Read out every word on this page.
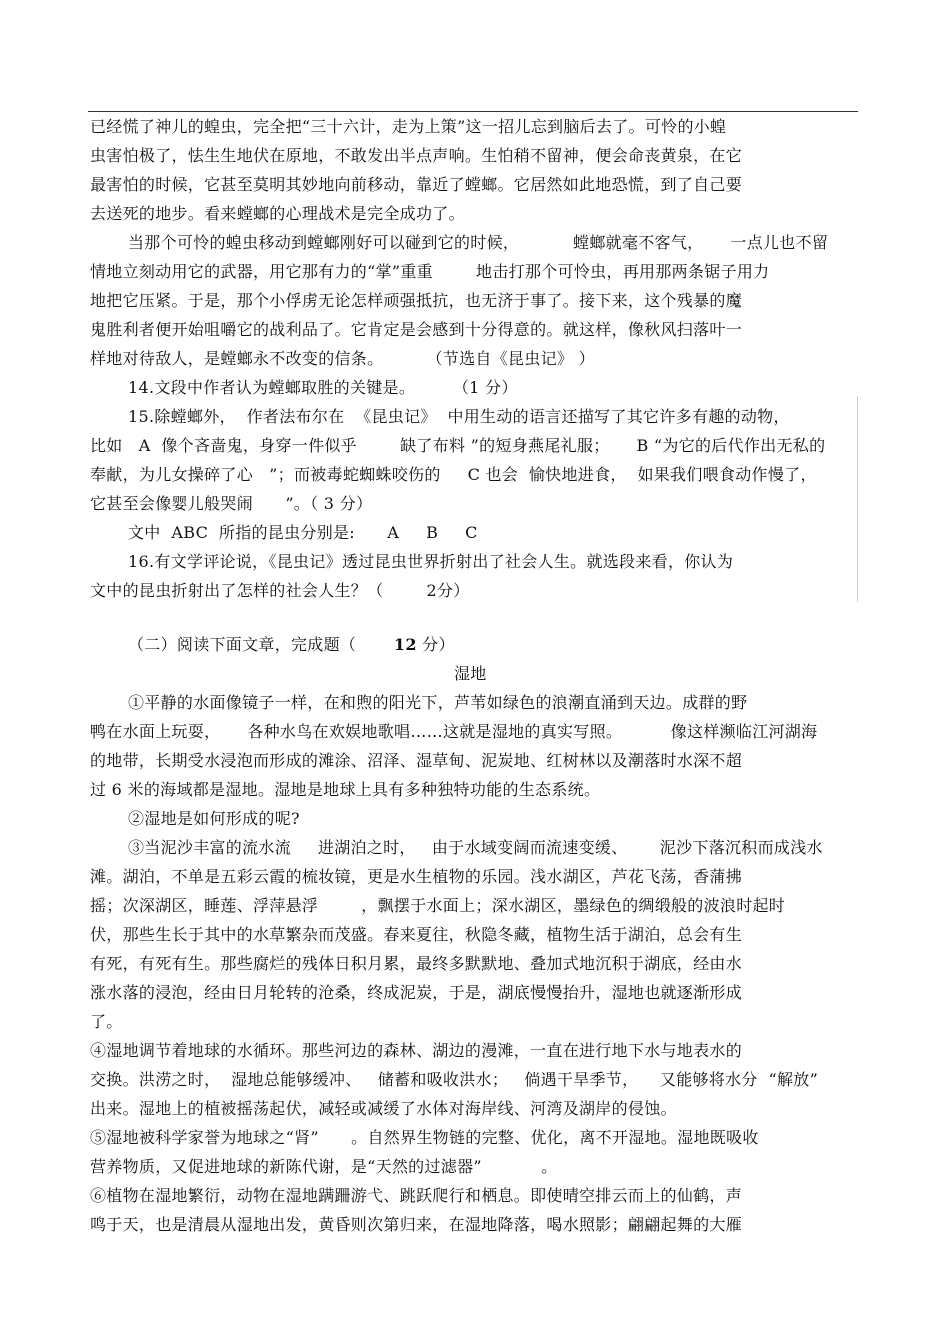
已经慌了神儿的蝗虫，完全把“三十六计，走为上策”这一招儿忘到脑后去了。可怜的小蝗
虫害怕极了，怯生生地伏在原地，不敢发出半点声响。生怕稍不留神，便会命丧黄泉，在它
最害怕的时候，它甚至莫明其妙地向前移动，靠近了螳螂。它居然如此地恐慌，到了自己要
去送死的地步。看来螳螂的心理战术是完全成功了。
当那个可怜的蝗虫移动到螳螂刚好可以碰到它的时候，          螳螂就毫不客气，     一点儿也不留
情地立刻动用它的武器，用它那有力的“掌”重重        地击打那个可怜虫，再用那两条锯子用力
地把它压紧。于是，那个小俘虏无论怎样顽强抵抗，也无济于事了。接下来，这个残暴的魔
鬼胜利者便开始咀嚼它的战利品了。它肯定是会感到十分得意的。就这样，像秋风扫落叶一
样地对待敌人，是螳螂永不改变的信条。        （节选自《昆虫记》 ）
14.文段中作者认为螳螂取胜的关键是。       （1 分）
15.除螳螂外，  作者法布尔在  《昆虫记》  中用生动的语言还描写了其它许多有趣的动物，
比如   A  像个吝啬鬼，身穿一件似乎        缺了布料 ”的短身燕尾礼服；     B “为它的后代作出无私的
奉献，为儿女操碎了心   ”；而被毒蛇蜘蛛咬伤的     C 也会  愉快地进食，  如果我们喂食动作慢了，
它甚至会像婴儿般哭闹      ”。（ 3 分）
文中  ABC  所指的昆虫分别是:      A     B     C
16.有文学评论说，《昆虫记》透过昆虫世界折射出了社会人生。就选段来看，你认为
文中的昆虫折射出了怎样的社会人生？（        2分）
（二）阅读下面文章，完成题（       12 分）
湿地
①平静的水面像镜子一样，在和煦的阳光下，芦苇如绿色的浪潮直涌到天边。成群的野
鸭在水面上玩耍，     各种水鸟在欢娱地歌唱……这就是湿地的真实写照。         像这样濒临江河湖海
的地带，长期受水浸泡而形成的滩涂、沼泽、湿草甸、泥炭地、红树林以及潮落时水深不超
过 6 米的海域都是湿地。湿地是地球上具有多种独特功能的生态系统。
②湿地是如何形成的呢?
③当泥沙丰富的流水流     进湖泊之时，   由于水域变阔而流速变缓、      泥沙下落沉积而成浅水
滩。湖泊，不单是五彩云霞的梳妆镜，更是水生植物的乐园。浅水湖区，芦花飞荡，香蒲拂
摇；次深湖区，睡莲、浮萍悬浮        ，飘摆于水面上；深水湖区，墨绿色的绸缎般的波浪时起时
伏，那些生长于其中的水草繁杂而茂盛。春来夏往，秋隐冬藏，植物生活于湖泊，总会有生
有死，有死有生。那些腐烂的残体日积月累，最终多默默地、叠加式地沉积于湖底，经由水
涨水落的浸泡，经由日月轮转的沧桑，终成泥炭，于是，湖底慢慢抬升，湿地也就逐渐形成
了。
④湿地调节着地球的水循环。那些河边的森林、湖边的漫滩，一直在进行地下水与地表水的
交换。洪涝之时，  湿地总能够缓冲、   储蓄和吸收洪水；   倘遇干旱季节，    又能够将水分  “解放”
出来。湿地上的植被摇荡起伏，减轻或减缓了水体对海岸线、河湾及湖岸的侵蚀。
⑤湿地被科学家誉为地球之“肾”      。自然界生物链的完整、优化，离不开湿地。湿地既吸收
营养物质，又促进地球的新陈代谢，是“天然的过滤器”           。
⑥植物在湿地繁衍，动物在湿地蹒跚游弋、跳跃爬行和栖息。即使晴空排云而上的仙鹤，声
鸣于天，也是清晨从湿地出发，黄昏则次第归来，在湿地降落，喝水照影；翩翩起舞的大雁
